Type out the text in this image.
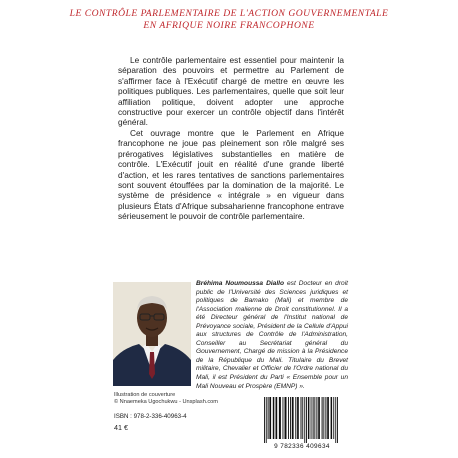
LE CONTRÔLE PARLEMENTAIRE DE L'ACTION GOUVERNEMENTALE
EN AFRIQUE NOIRE FRANCOPHONE
Le contrôle parlementaire est essentiel pour maintenir la séparation des pouvoirs et permettre au Parlement de s'affirmer face à l'Exécutif chargé de mettre en œuvre les politiques publiques. Les parlementaires, quelle que soit leur affiliation politique, doivent adopter une approche constructive pour exercer un contrôle objectif dans l'intérêt général.
Cet ouvrage montre que le Parlement en Afrique francophone ne joue pas pleinement son rôle malgré ses prérogatives législatives substantielles en matière de contrôle. L'Exécutif jouit en réalité d'une grande liberté d'action, et les rares tentatives de sanctions parlementaires sont souvent étouffées par la domination de la majorité. Le système de présidence « intégrale » en vigueur dans plusieurs États d'Afrique subsaharienne francophone entrave sérieusement le pouvoir de contrôle parlementaire.
Bréhima Noumoussa Diallo est Docteur en droit public de l'Université des Sciences juridiques et politiques de Bamako (Mali) et membre de l'Association malienne de Droit constitutionnel. Il a été Directeur général de l'Institut national de Prévoyance sociale, Président de la Cellule d'Appui aux structures de Contrôle de l'Administration, Conseiller au Secrétariat général du Gouvernement, Chargé de mission à la Présidence de la République du Mali. Titulaire du Brevet militaire, Chevalier et Officier de l'Ordre national du Mali, il est Président du Parti « Ensemble pour un Mali Nouveau et Prospère (EMNP) ».
Illustration de couverture
© Nnaemeka Ugochukwu - Unsplash.com
ISBN : 978-2-336-40963-4
41 €
9 782336 409634
